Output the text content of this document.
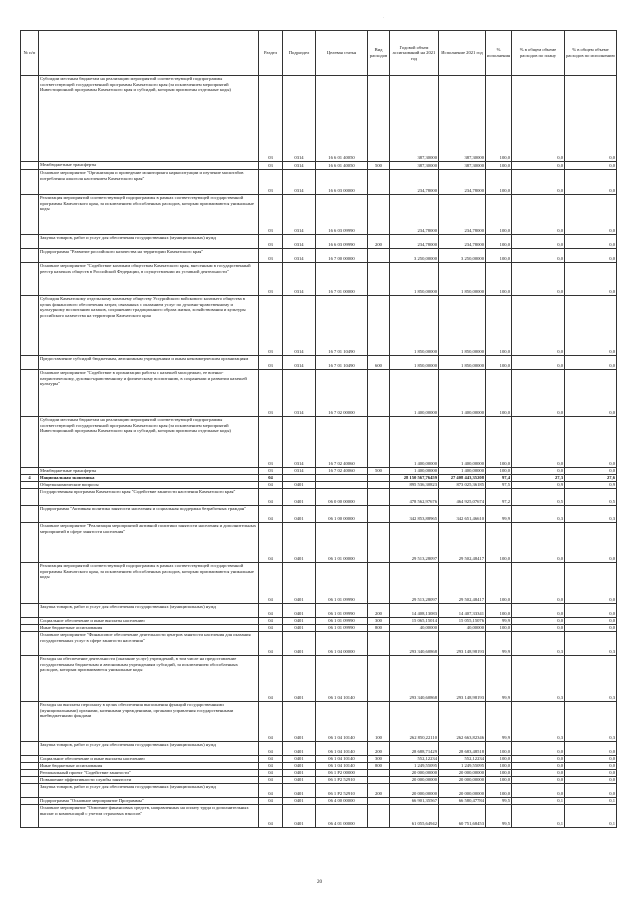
.
№ п/п		Раздел	Подраздел	Целевая статья	Вид расходов	Годовой объем ассигнований на 2021 год	Исполнение 2021 год	% исполнения	% в общем объеме расходов по плану	% в общем объеме расходов по исполнению
	Субсидии местным бюджетам на реализацию мероприятий соответствующей подпрограммы соответствующей государственной программы Камчатского края (за исключением мероприятий Инвестиционной программы Камчатского края и субсидий, которым присвоены отдельные коды)	03	0314	16 6 01 40050		387,30000	387,30000	100,0	0,0	0,0
	Межбюджетные трансферты	03	0314	16 6 01 40050	500	387,30000	387,30000	100,0	0,0	0,0
	Основное мероприятие "Организация и проведение мониторинга наркоситуации и изучение масштабов потребления алкоголя населением Камчатского края"	03	0314	16 6 03 00000		234,78000	234,78000	100,0	0,0	0,0
	Реализация мероприятий соответствующей подпрограммы в рамках соответствующей государственной программы Камчатского края, за исключением обособленных расходов, которым присваиваются уникальные коды	03	0314	16 6 03 09990		234,78000	234,78000	100,0	0,0	0,0
	Закупка товаров, работ и услуг для обеспечения государственных (муниципальных) нужд	03	0314	16 6 03 09990	200	234,78000	234,78000	100,0	0,0	0,0
	Подпрограмма "Развитие российского казачества на территории Камчатского края"	03	0314	16 7 00 00000		3 250,00000	3 250,00000	100,0	0,0	0,0
	Основное мероприятие "Содействие казачьим обществам Камчатского края, внесенным в государственный реестр казачьих обществ в Российской Федерации, в осуществлении их уставной деятельности"	03	0314	16 7 01 00000		1 850,00000	1 850,00000	100,0	0,0	0,0
	Субсидия Камчатскому отдельскому казачьему обществу Уссурийского войскового казачьего общества в целях финансового обеспечения затрат, связанных с оказанием услуг по духовно-нравственному и культурному воспитанию казаков, сохранению традиционного образа жизни, хозяйствования и культуры российского казачества на территории Камчатского края	03	0314	16 7 01 10490		1 850,00000	1 850,00000	100,0	0,0	0,0
	Предоставление субсидий бюджетным, автономным учреждениям и иным некоммерческим организациям	03	0314	16 7 01 10490	600	1 850,00000	1 850,00000	100,0	0,0	0,0
	Основное мероприятие "Содействие в организации работы с казачьей молодежью, ее военно-патриотическому, духовно-нравственному и физическому воспитанию, в сохранении и развитии казачьей культуры"	03	0314	16 7 02 00000		1 400,00000	1 400,00000	100,0	0,0	0,0
	Субсидии местным бюджетам на реализацию мероприятий соответствующей подпрограммы соответствующей государственной программы Камчатского края (за исключением мероприятий Инвестиционной программы Камчатского края и субсидий, которым присвоены отдельные коды)	03	0314	16 7 02 40060		1 400,00000	1 400,00000	100,0	0,0	0,0
	Межбюджетные трансферты	03	0314	16 7 02 40060	500	1 400,00000	1 400,00000	100,0	0,0	0,0
4	Национальная экономика	04				28 150 567,76459	27 408 443,35208	97,4	27,3	27,6
	Общеэкономические вопросы	04	0401			895 536,30823	873 025,36185	97,5	0,9	0,9
	Государственная программа Камчатского края "Содействие занятости населения Камчатского края"	04	0401	06 0 00 00000		478 562,97676	464 925,07674	97,2	0,5	0,5
	Подпрограмма "Активная политика занятости населения и социальная поддержка безработных граждан"	04	0401	06 1 00 00000		342 853,88965	342 651,46610	99,9	0,3	0,3
	Основное мероприятие "Реализация мероприятий активной политики занятости населения и дополнительных мероприятий в сфере занятости населения"	04	0401	06 1 01 00000		29 513,28097	29 502,48417	100,0	0,0	0,0
	Реализация мероприятий соответствующей подпрограммы в рамках соответствующей государственной программы Камчатского края, за исключением обособленных расходов, которым присваиваются уникальные коды	04	0401	06 1 01 09990		29 513,28097	29 502,48417	100,0	0,0	0,0
	Закупка товаров, работ и услуг для обеспечения государственных (муниципальных) нужд	04	0401	06 1 01 09990	200	14 408,13083	14 407,33341	100,0	0,0	0,0
	Социальное обеспечение и иные выплаты населению	04	0401	06 1 01 09990	300	15 065,15014	15 055,15076	99,9	0,0	0,0
	Иные бюджетные ассигнования	04	0401	06 1 01 09990	800	40,00000	40,00000	100,0	0,0	0,0
	Основное мероприятие "Финансовое обеспечение деятельности центров занятости населения для оказания государственных услуг в сфере занятости населения"	04	0401	06 1 04 00000		293 340,60868	293 148,98193	99,9	0,3	0,3
	Расходы на обеспечение деятельности (оказание услуг) учреждений, в том числе на предоставление государственным бюджетным и автономным учреждениям субсидий, за исключением обособленных расходов, которым присваиваются уникальные коды	04	0401	06 1 04 10140		293 340,60868	293 148,98193	99,9	0,3	0,3
	Расходы на выплаты персоналу в целях обеспечения выполнения функций государственными (муниципальными) органами, казенными учреждениями, органами управления государственными внебюджетными фондами	04	0401	06 1 04 10140	100	262 850,22110	262 663,82346	99,9	0,3	0,3
	Закупка товаров, работ и услуг для обеспечения государственных (муниципальных) нужд	04	0401	06 1 04 10140	200	28 688,71429	28 683,48518	100,0	0,0	0,0
	Социальное обеспечение и иные выплаты населению	04	0401	06 1 04 10140	300	552,12234	552,12234	100,0	0,0	0,0
	Иные бюджетные ассигнования	04	0401	06 1 04 10140	800	1 249,55095	1 249,55095	100,0	0,0	0,0
	Региональный проект "Содействие занятости"	04	0401	06 1 P2 00000		20 000,00000	20 000,00000	100,0	0,0	0,0
	Повышение эффективности службы занятости	04	0401	06 1 P2 52910		20 000,00000	20 000,00000	100,0	0,0	0,0
	Закупка товаров, работ и услуг для обеспечения государственных (муниципальных) нужд	04	0401	06 1 P2 52910	200	20 000,00000	20 000,00000	100,0	0,0	0,0
	Подпрограмма "Основное мероприятие Программы"	04	0401	06 4 00 00000		66 901,35567	66 580,47784	99,5	0,1	0,1
	Основное мероприятие "Освоение финансовых средств, направленных на оплату труда и дополнительных выплат и компенсаций с учетом страховых взносов"	04	0401	06 4 01 00000		61 055,64942	60 751,68453	99,5	0,1	0,1
20
